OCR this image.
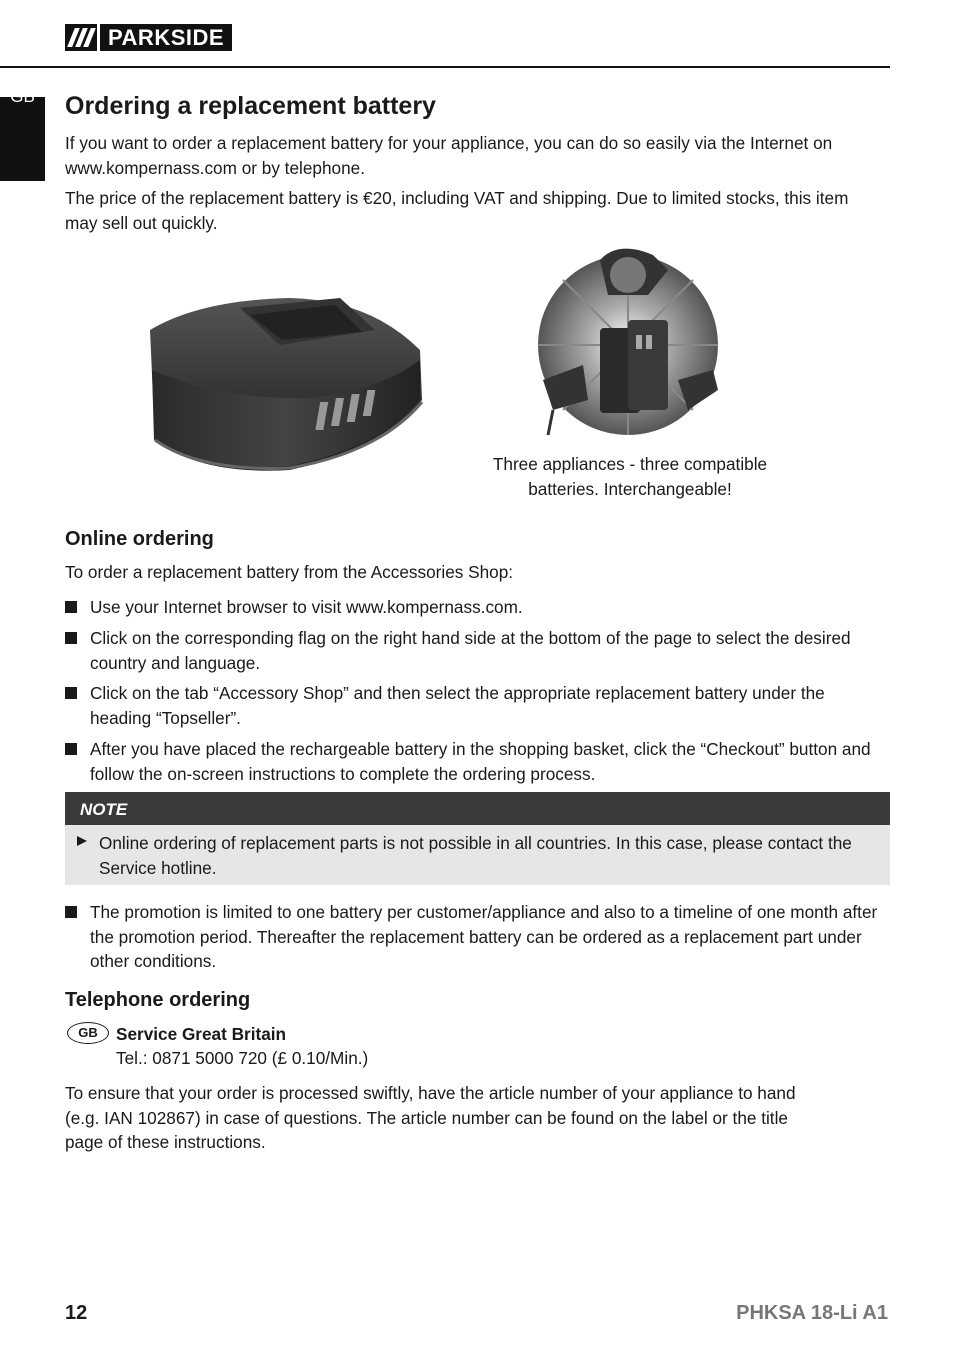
PARKSIDE
GB	Ordering a replacement battery

If you want to order a replacement battery for your appliance, you can do so easily via the Internet on www.kompernass.com or by telephone.

The price of the replacement battery is €20, including VAT and shipping. Due to limited stocks, this item may sell out quickly.

Three appliances - three compatible batteries. Interchangeable!
Online ordering

To order a replacement battery from the Accessories Shop:

Use your Internet browser to visit www.kompernass.com.
Click on the corresponding flag on the right hand side at the bottom of the page to select the desired country and language.
Click on the tab “Accessory Shop” and then select the appropriate replacement battery under the heading “Topseller”.
After you have placed the rechargeable battery in the shopping basket, click the “Checkout” button and follow the on-screen instructions to complete the ordering process.
NOTE
Online ordering of replacement parts is not possible in all countries. In this case, please contact the Service hotline.
The promotion is limited to one battery per customer/appliance and also to a timeline of one month after the promotion period. Thereafter the replacement battery can be ordered as a replacement part under other conditions.
Telephone ordering
GB	Service Great Britain
Tel.: 0871 5000 720 (£ 0.10/Min.)

To ensure that your order is processed swiftly, have the article number of your appliance to hand (e.g. IAN 102867) in case of questions. The article number can be found on the label or the title page of these instructions.

12	PHKSA 18-Li A1
